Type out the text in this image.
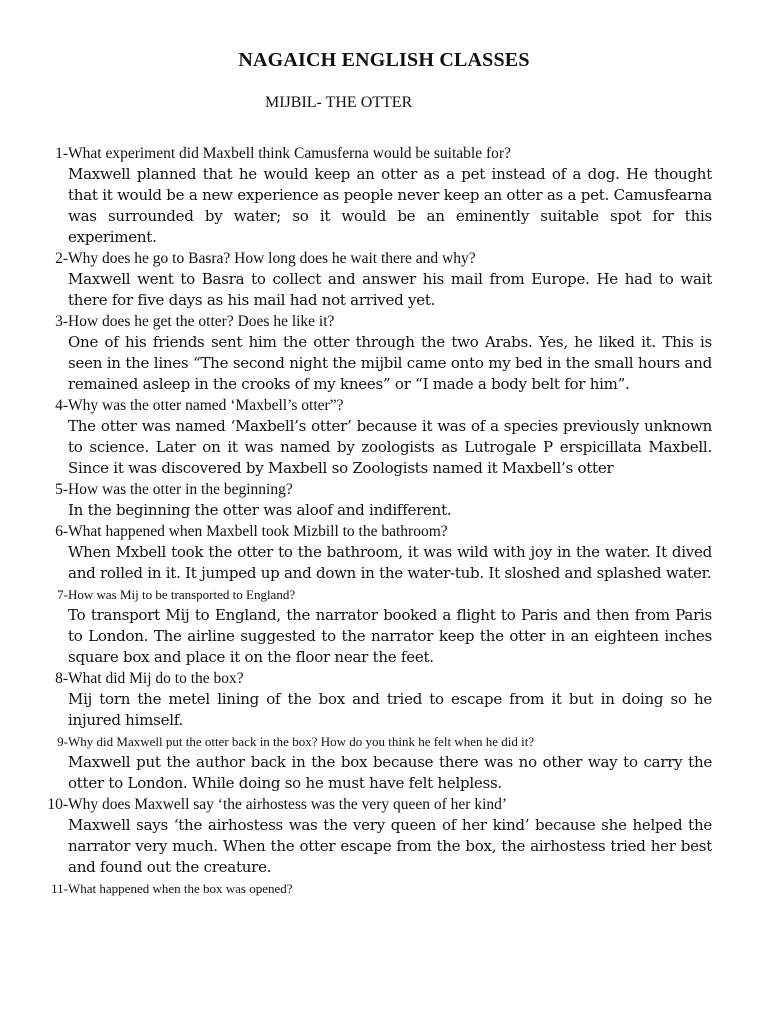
NAGAICH ENGLISH CLASSES
MIJBIL- THE OTTER
1- What experiment did Maxbell think Camusferna would be suitable for?
Maxwell planned that he would keep an otter as a pet instead of a dog. He thought that it would be a new experience as people never keep an otter as a pet. Camusfearna was surrounded by water; so it would be an eminently suitable spot for this experiment.
2- Why does he go to Basra? How long does he wait there and why?
Maxwell went to Basra to collect and answer his mail from Europe. He had to wait there for five days as his mail had not arrived yet.
3- How does he get the otter? Does he like it?
One of his friends sent him the otter through the two Arabs. Yes, he liked it. This is seen in the lines “The second night the mijbil came onto my bed in the small hours and remained asleep in the crooks of my knees” or “I made a body belt for him”.
4- Why was the otter named ‘Maxbell’s otter”?
The otter was named ‘Maxbell’s otter’ because it was of a species previously unknown to science. Later on it was named by zoologists as Lutrogale P erspicillata Maxbell. Since it was discovered by Maxbell so Zoologists named it Maxbell’s otter
5- How was the otter in the beginning?
In the beginning the otter was aloof and indifferent.
6- What happened when Maxbell took Mizbill to the bathroom?
When Mxbell took the otter to the bathroom, it was wild with joy in the water. It dived and rolled in it. It jumped up and down in the water-tub. It sloshed and splashed water.
7- How was Mij to be transported to England?
To transport Mij to England, the narrator booked a flight to Paris and then from Paris to London. The airline suggested to the narrator keep the otter in an eighteen inches square box and place it on the floor near the feet.
8- What did Mij do to the box?
Mij torn the metel lining of the box and tried to escape from it but in doing so he injured himself.
9- Why did Maxwell put the otter back in the box? How do you think he felt when he did it?
Maxwell put the author back in the box because there was no other way to carry the otter to London. While doing so he must have felt helpless.
10- Why does Maxwell say ‘the airhostess was the very queen of her kind’
Maxwell says ‘the airhostess was the very queen of her kind’ because she helped the narrator very much. When the otter escape from the box, the airhostess tried her best and found out the creature.
11- What happened when the box was opened?
